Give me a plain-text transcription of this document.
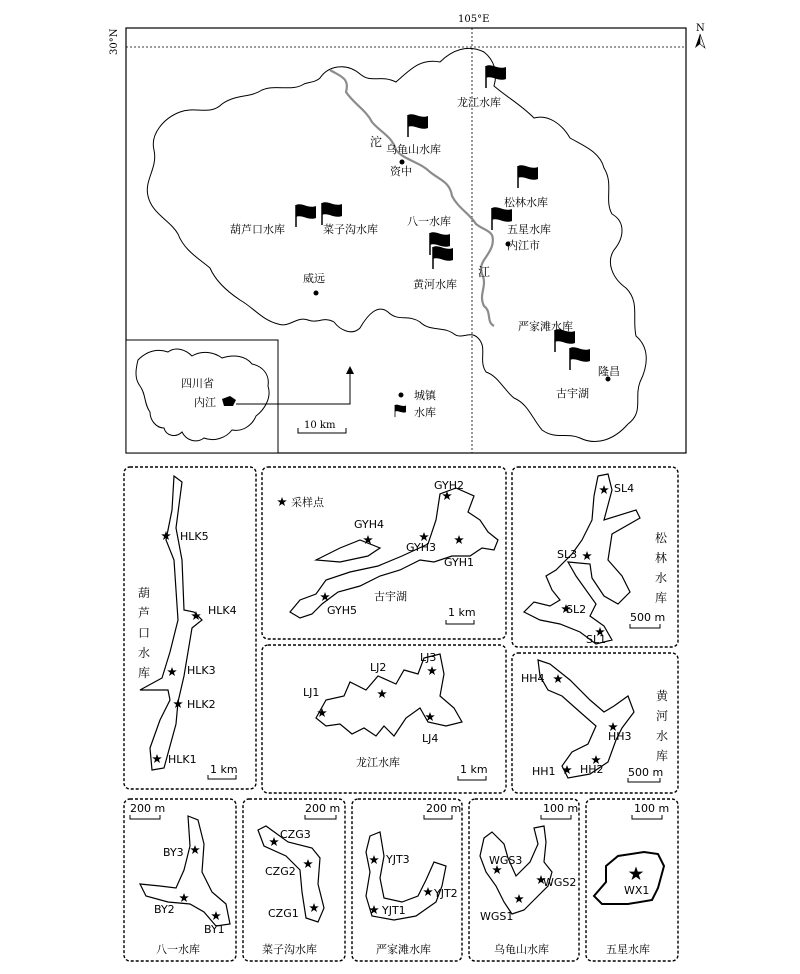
105°E
30°N
N
沱
江
龙江水库
乌龟山水库
资中
松林水库
葫芦口水库	菜子沟水库
八一水库
五星水库
内江市
威远	黄河水库
严家滩水库
隆昌
古宇湖
城镇
水库
10 km
四川省
内江
HLK5
HLK4
HLK3
HLK2
HLK1
葫
芦
口
水
库
1 km
采样点
GYH2
GYH4
GYH3
GYH1
GYH5
古宇湖
1 km
SL4
SL3
SL2
SL1
松
林
水
库
500 m
LJ1
LJ2
LJ3
LJ4
龙江水库
1 km
HH4
HH3
HH2
HH1
黄
河
水
库
500 m
200 m
BY3
BY2
BY1
八一水库
200 m
CZG3
CZG2
CZG1
菜子沟水库
200 m
YJT3
YJT2
YJT1
严家滩水库
100 m
WGS3
WGS2
WGS1
乌龟山水库
100 m
WX1
五星水库
